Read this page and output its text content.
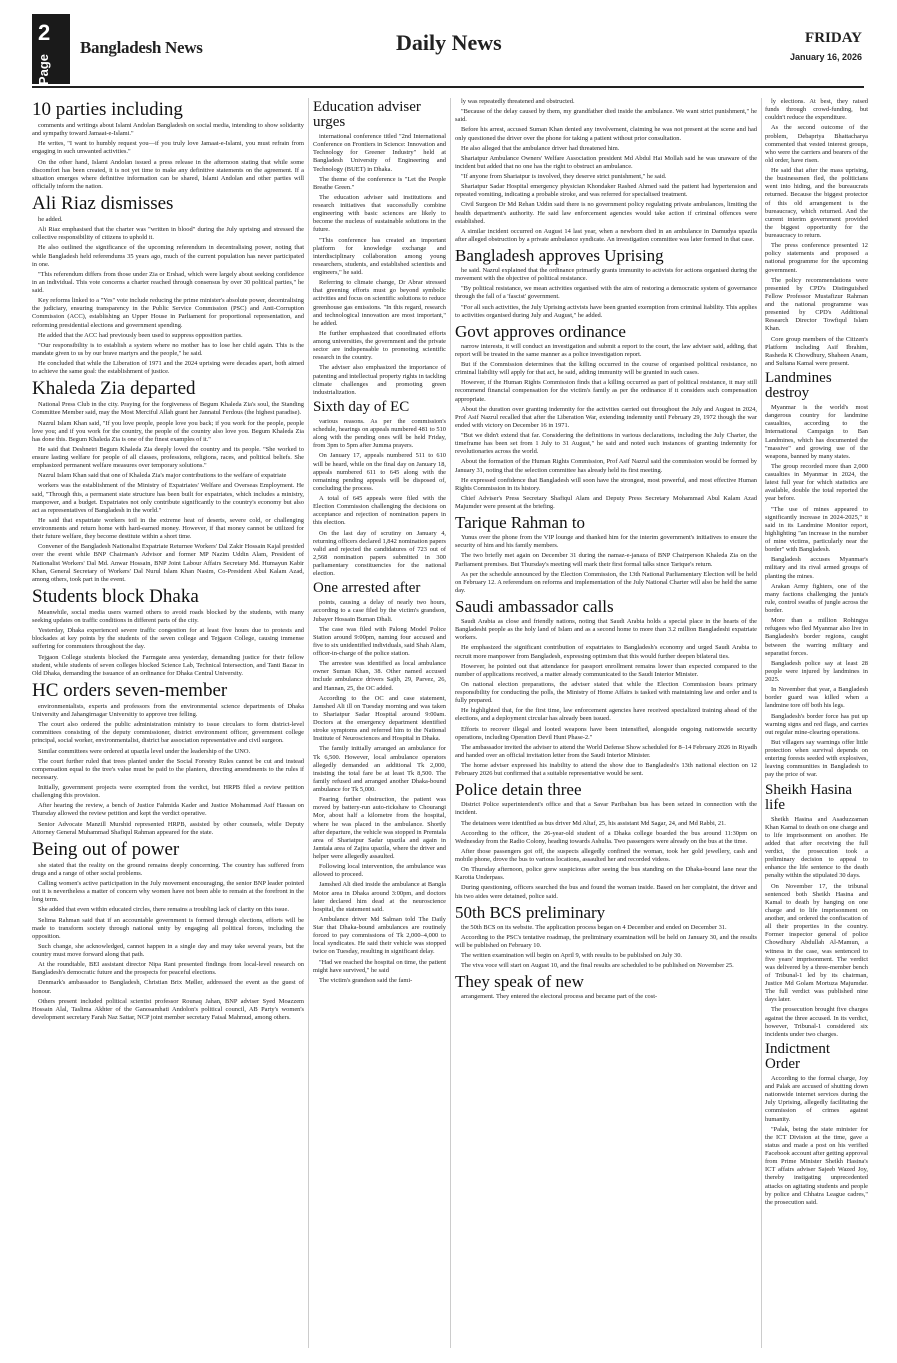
2
Page
Bangladesh News	Daily News	FRIDAY
January 16, 2026
10 parties including

comments and writings about Islami Andolan Bangladesh on social media, intending to show solidarity and sympathy toward Jamaat-e-Islami."

He writes, "I want to humbly request you—if you truly love Jamaat-e-Islami, you must refrain from engaging in such unwanted activities."

On the other hand, Islami Andolan issued a press release in the afternoon stating that while some discomfort has been created, it is not yet time to make any definitive statements on the agreement. If a situation emerges where definitive information can be shared, Islami Andolan and other parties will officially inform the nation.

Ali Riaz dismisses

he added.

Ali Riaz emphasised that the charter was "written in blood" during the July uprising and stressed the collective responsibility of citizens to uphold it.

He also outlined the significance of the upcoming referendum in decentralising power, noting that while Bangladesh held referendums 35 years ago, much of the current population has never participated in one.

"This referendum differs from those under Zia or Ershad, which were largely about seeking confidence in an individual. This vote concerns a charter reached through consensus by over 30 political parties," he said.

Key reforms linked to a "Yes" vote include reducing the prime minister's absolute power, decentralising the judiciary, ensuring transparency in the Public Service Commission (PSC) and Anti-Corruption Commission (ACC), establishing an Upper House in Parliament for proportional representation, and reforming presidential elections and government spending.

He added that the ACC had previously been used to suppress opposition parties.

"Our responsibility is to establish a system where no mother has to lose her child again. This is the mandate given to us by our brave martyrs and the people," he said.

He concluded that while the Liberation of 1971 and the 2024 uprising were decades apart, both aimed to achieve the same goal: the establishment of justice.

Khaleda Zia departed

National Press Club in the city. Praying for the forgiveness of Begum Khaleda Zia's soul, the Standing Committee Member said, may the Most Merciful Allah grant her Jannatul Ferdous (the highest paradise).

Nazrul Islam Khan said, "If you love people, people love you back; if you work for the people, people love you; and if you work for the country, the people of the country also love you. Begum Khaleda Zia has done this. Begum Khaleda Zia is one of the finest examples of it."

He said that Deshnetri Begum Khaleda Zia deeply loved the country and its people. "She worked to ensure lasting welfare for people of all classes, professions, religions, races, and political beliefs. She emphasized permanent welfare measures over temporary solutions."

Nazrul Islam Khan said that one of Khaleda Zia's major contributions to the welfare of expatriate

workers was the establishment of the Ministry of Expatriates' Welfare and Overseas Employment. He said, "Through this, a permanent state structure has been built for expatriates, which includes a ministry, manpower, and a budget. Expatriates not only contribute significantly to the country's economy but also act as representatives of Bangladesh in the world."

He said that expatriate workers toil in the extreme heat of deserts, severe cold, or challenging environments and return home with hard-earned money. However, if that money cannot be utilized for their future welfare, they become destitute within a short time.

Convener of the Bangladesh Nationalist Expatriate Returnee Workers' Dal Zakir Hossain Kajal presided over the event while BNP Chairman's Advisor and former MP Nazim Uddin Alam, President of Nationalist Workers' Dal Md. Anwar Hossain, BNP Joint Labour Affairs Secretary Md. Humayun Kabir Khan, General Secretary of Workers' Dal Nurul Islam Khan Nasim, Co-President Abul Kalam Azad, among others, took part in the event.

Students block Dhaka

Meanwhile, social media users warned others to avoid roads blocked by the students, with many seeking updates on traffic conditions in different parts of the city.

Yesterday, Dhaka experienced severe traffic congestion for at least five hours due to protests and blockades at key points by the students of the seven college and Tejgaon College, causing immense suffering for commuters throughout the day.

Tejgaon College students blocked the Farmgate area yesterday, demanding justice for their fellow student, while students of seven colleges blocked Science Lab, Technical Intersection, and Tanti Bazar in Old Dhaka, demanding the issuance of an ordinance for Dhaka Central University.

HC orders seven-member

environmentalists, experts and professors from the environmental science departments of Dhaka University and Jahangirnagar Universitiy to approve tree felling.

The court also ordered the public administration ministry to issue circulars to form district-level committees consisting of the deputy commissioner, district environment officer, government college principal, social worker, environmentalist, district bar association representative and civil surgeon.

Similar committees were ordered at upazila level under the leadership of the UNO.

The court further ruled that trees planted under the Social Forestry Rules cannot be cut and instead compensation equal to the tree's value must be paid to the planters, directing amendments to the rules if necessary.

Initially, government projects were exempted from the verdict, but HRPB filed a review petition challenging this provision.

After hearing the review, a bench of Justice Fahmida Kader and Justice Mohammad Asif Hassan on Thursday allowed the review petition and kept the verdict operative.

Senior Advocate Manzill Murshid represented HRPB, assisted by other counsels, while Deputy Attorney General Muhammad Shafiqul Rahman appeared for the state.

Being out of power

she stated that the reality on the ground remains deeply concerning. The country has suffered from drugs and a range of other social problems.

Calling women's active participation in the July movement encouraging, the senior BNP leader pointed out it is nevertheless a matter of concern why women have not been able to remain at the forefront in the long term.

She added that even within educated circles, there remains a troubling lack of clarity on this issue.

Selima Rahman said that if an accountable government is formed through elections, efforts will be made to transform society through national unity by engaging all political forces, including the opposition.

Such change, she acknowledged, cannot happen in a single day and may take several years, but the country must move forward along that path.

At the roundtable, BEI assistant director Nipa Rani presented findings from local-level research on Bangladesh's democratic future and the prospects for peaceful elections.

Denmark's ambassador to Bangladesh, Christian Brix Møller, addressed the event as the guest of honour.

Others present included political scientist professor Rounaq Jahan, BNP adviser Syed Moazzem Hossain Alal, Taslima Akhter of the Ganosamhati Andolon's political council, AB Party's women's development secretary Farah Naz Sattar, NCP joint member secretary Faisal Mahmud, among others.

Education adviser urges

international conference titled "2nd International Conference on Frontiers in Science: Innovation and Technology for Greener Industry" held at Bangladesh University of Engineering and Technology (BUET) in Dhaka.

The theme of the conference is "Let the People Breathe Green."

The education adviser said institutions and research initiatives that successfully combine engineering with basic sciences are likely to become the nucleus of sustainable solutions in the future.

"This conference has created an important platform for knowledge exchange and interdisciplinary collaboration among young researchers, students, and established scientists and engineers," he said.

Referring to climate change, Dr Abrar stressed that greening efforts must go beyond symbolic activities and focus on scientific solutions to reduce greenhouse gas emissions. "In this regard, research and technological innovation are most important," he added.

He further emphasized that coordinated efforts among universities, the government and the private sector are indispensable to promoting scientific research in the country.

The adviser also emphasized the importance of patenting and intellectual property rights in tackling climate challenges and promoting green industrialization.

Sixth day of EC

various reasons. As per the commission's schedule, hearings on appeals numbered 481 to 510 along with the pending ones will be held Friday, from 3pm to 5pm after Jumma prayers.

On January 17, appeals numbered 511 to 610 will be heard, while on the final day on January 18, appeals numbered 611 to 645 along with the remaining pending appeals will be disposed of, concluding the process.

A total of 645 appeals were filed with the Election Commission challenging the decisions on acceptance and rejection of nomination papers in this election.

On the last day of scrutiny on January 4, returning officers declared 1,842 nomination papers valid and rejected the candidatures of 723 out of 2,568 nomination papers submitted in 300 parliamentary constituencies for the national election.

One arrested after

points, causing a delay of nearly two hours, according to a case filed by the victim's grandson, Jubayer Hossain Buman Dhali.

The case was filed with Palong Model Police Station around 9:00pm, naming four accused and five to six unidentified individuals, said Shah Alam, officer-in-charge of the police station.

The arrestee was identified as local ambulance owner Suman Khan, 38. Other named accused include ambulance drivers Sajib, 29, Parvez, 26, and Hannan, 25, the OC added.

According to the OC and case statement, Jamshed Ali ill on Tuesday morning and was taken to Shariatpur Sadar Hospital around 9:00am. Doctors at the emergency department identified stroke symptoms and referred him to the National Institute of Neurosciences and Hospital in Dhaka.

The family initially arranged an ambulance for Tk 6,500. However, local ambulance operators allegedly demanded an additional Tk 2,000, insisting the total fare be at least Tk 8,500. The family refused and arranged another Dhaka-bound ambulance for Tk 5,000.

Fearing further obstruction, the patient was moved by battery-run auto-rickshaw to Chourangi Mor, about half a kilometre from the hospital, where he was placed in the ambulance. Shortly after departure, the vehicle was stopped in Premtala area of Shariatpur Sadar upazila and again in Jamtala area of Zajira upazila, where the driver and helper were allegedly assaulted.

Following local intervention, the ambulance was allowed to proceed.

Jamshed Ali died inside the ambulance at Bangla Motor area in Dhaka around 3:00pm, and doctors later declared him dead at the neuroscience hospital, the statement said.

Ambulance driver Md Salman told The Daily Star that Dhaka-bound ambulances are routinely forced to pay commissions of Tk 2,000–4,000 to local syndicates. He said their vehicle was stopped twice on Tuesday, resulting in significant delay.

"Had we reached the hospital on time, the patient might have survived," he said

The victim's grandson said the fami-

ly was repeatedly threatened and obstructed.

"Because of the delay caused by them, my grandfather died inside the ambulance. We want strict punishment," he said.

Before his arrest, accused Suman Khan denied any involvement, claiming he was not present at the scene and had only questioned the driver over the phone for taking a patient without prior consultation.

He also alleged that the ambulance driver had threatened him.

Shariatpur Ambulance Owners' Welfare Association president Md Abdul Hai Mollah said he was unaware of the incident but added that no one has the right to obstruct an ambulance.

"If anyone from Shariatpur is involved, they deserve strict punishment," he said.

Shariatpur Sadar Hospital emergency physician Khondaker Rashed Ahmed said the patient had hypertension and repeated vomiting, indicating a probable stroke, and was referred for specialised treatment.

Civil Surgeon Dr Md Rehan Uddin said there is no government policy regulating private ambulances, limiting the health department's authority. He said law enforcement agencies would take action if criminal offences were established.

A similar incident occurred on August 14 last year, when a newborn died in an ambulance in Damudya upazila after alleged obstruction by a private ambulance syndicate. An investigation committee was later formed in that case.

Bangladesh approves Uprising

he said. Nazrul explained that the ordinance primarily grants immunity to activists for actions organised during the movement with the objective of political resistance.

"By political resistance, we mean activities organised with the aim of restoring a democratic system of governance through the fall of a 'fascist' government.

"For all such activities, the July Uprising activists have been granted exemption from criminal liability. This applies to activities organised during July and August," he added.

Govt approves ordinance

narrow interests, it will conduct an investigation and submit a report to the court, the law adviser said, adding, that report will be treated in the same manner as a police investigation report.

But if the Commission determines that the killing occurred in the course of organised political resistance, no criminal liability will apply for that act, he said, adding immunity will be granted in such cases.

However, if the Human Rights Commission finds that a killing occurred as part of political resistance, it may still recommend financial compensation for the victim's family as per the ordinance if it considers such compensation appropriate.

About the duration over granting indemnity for the activities carried out throughout the July and August in 2024, Prof Asif Nazrul recalled that after the Liberation War, extending indemnity until February 29, 1972 though the war ended with victory on December 16 in 1971.

"But we didn't extend that far. Considering the definitions in various declarations, including the July Charter, the timeframe has been set from 1 July to 31 August," he said and noted such instances of granting indemnity for revolutionaries across the world.

About the formation of the Human Rights Commission, Prof Asif Nazrul said the commission would be formed by January 31, noting that the selection committee has already held its first meeting.

He expressed confidence that Bangladesh will soon have the strongest, most powerful, and most effective Human Rights Commission in its history.

Chief Adviser's Press Secretary Shafiqul Alam and Deputy Press Secretary Mohammad Abul Kalam Azad Majumder were present at the briefing.

Tarique Rahman to

Yunus over the phone from the VIP lounge and thanked him for the interim government's initiatives to ensure the security of him and his family members.

The two briefly met again on December 31 during the namaz-e-janaza of BNP Chairperson Khaleda Zia on the Parliament premises. But Thursday's meeting will mark their first formal talks since Tarique's return.

As per the schedule announced by the Election Commission, the 13th National Parliamentary Election will be held on February 12. A referendum on reforms and implementation of the July National Charter will also be held the same day.

Saudi ambassador calls

Saudi Arabia as close and friendly nations, noting that Saudi Arabia holds a special place in the hearts of the Bangladeshi people as the holy land of Islam and as a second home to more than 3.2 million Bangladeshi expatriate workers.

He emphasized the significant contribution of expatriates to Bangladesh's economy and urged Saudi Arabia to recruit more manpower from Bangladesh, expressing optimism that this would further deepen bilateral ties.

However, he pointed out that attendance for passport enrollment remains lower than expected compared to the number of applications received, a matter already communicated to the Saudi Interior Minister.

On national election preparations, the adviser stated that while the Election Commission bears primary responsibility for conducting the polls, the Ministry of Home Affairs is tasked with maintaining law and order and is fully prepared.

He highlighted that, for the first time, law enforcement agencies have received specialized training ahead of the elections, and a deployment circular has already been issued.

Efforts to recover illegal and looted weapons have been intensified, alongside ongoing nationwide security operations, including Operation Devil Hunt Phase-2."

The ambassador invited the adviser to attend the World Defense Show scheduled for 8–14 February 2026 in Riyadh and handed over an official invitation letter from the Saudi Interior Minister.

The home adviser expressed his inability to attend the show due to Bangladesh's 13th national election on 12 February 2026 but confirmed that a suitable representative would be sent.

Police detain three

District Police superintendent's office and that a Savar Paribahan bus has been seized in connection with the incident.

The detainees were identified as bus driver Md Altaf, 25, his assistant Md Sagar, 24, and Md Rabbi, 21.

According to the officer, the 26-year-old student of a Dhaka college boarded the bus around 11:30pm on Wednesday from the Radio Colony, heading towards Ashulia. Two passengers were already on the bus at the time.

After those passengers got off, the suspects allegedly confined the woman, took her gold jewellery, cash and mobile phone, drove the bus to various locations, assaulted her and recorded videos.

On Thursday afternoon, police grew suspicious after seeing the bus standing on the Dhaka-bound lane near the Karotia Underpass.

During questioning, officers searched the bus and found the woman inside. Based on her complaint, the driver and his two aides were detained, police said.

50th BCS preliminary

the 50th BCS on its website. The application process began on 4 December and ended on December 31.

According to the PSC's tentative roadmap, the preliminary examination will be held on January 30, and the results will be published on February 10.

The written examination will begin on April 9, with results to be published on July 30.

The viva voce will start on August 10, and the final results are scheduled to be published on November 25.

They speak of new

arrangement. They entered the electoral process and became part of the cost-

ly elections. At best, they raised funds through crowd-funding, but couldn't reduce the expenditure.

As the second outcome of the problem, Debapriya Bhattacharya commented that vested interest groups, who were the carriers and bearers of the old order, have risen.

He said that after the mass uprising, the businessmen fled, the politicians went into hiding, and the bureaucrats returned. Because the biggest protector of this old arrangement is the bureaucracy, which returned. And the current interim government provided the biggest opportunity for the bureaucracy to return.

The press conference presented 12 policy statements and proposed a national programme for the upcoming government.

The policy recommendations were presented by CPD's Distinguished Fellow Professor Mustafizur Rahman and the national programme was presented by CPD's Additional Research Director Towfiqul Islam Khan.

Core group members of the Citizen's Platform including Asif Ibrahim, Rasheda K Chowdhury, Shaheen Anam, and Sultana Kamal were present.

Landmines destroy

Myanmar is the world's most dangerous country for landmine casualties, according to the International Campaign to Ban Landmines, which has documented the "massive" and growing use of the weapons, banned by many states.

The group recorded more than 2,000 casualties in Myanmar in 2024, the latest full year for which statistics are available, double the total reported the year before.

"The use of mines appeared to significantly increase in 2024-2025," it said in its Landmine Monitor report, highlighting "an increase in the number of mine victims, particularly near the border" with Bangladesh.

Bangladesh accuses Myanmar's military and its rival armed groups of planting the mines.

Arakan Army fighters, one of the many factions challenging the junta's rule, control swaths of jungle across the border.

More than a million Rohingya refugees who fled Myanmar also live in Bangladesh's border regions, caught between the warring military and separatist forces.

Bangladesh police say at least 28 people were injured by landmines in 2025.

In November that year, a Bangladesh border guard was killed when a landmine tore off both his legs.

Bangladesh's border force has put up warning signs and red flags, and carries out regular mine-clearing operations.

But villagers say warnings offer little protection when survival depends on entering forests seeded with explosives, leaving communities in Bangladesh to pay the price of war.

Sheikh Hasina life

Sheikh Hasina and Asaduzzaman Khan Kamal to death on one charge and to life imprisonment on another. He added that after receiving the full verdict, the prosecution took a preliminary decision to appeal to enhance the life sentence to the death penalty within the stipulated 30 days.

On November 17, the tribunal sentenced both Sheikh Hasina and Kamal to death by hanging on one charge and to life imprisonment on another, and ordered the confiscation of all their properties in the country. Former inspector general of police Chowdhury Abdullah Al-Mamun, a witness in the case, was sentenced to five years' imprisonment. The verdict was delivered by a three-member bench of Tribunal-1 led by its chairman, Justice Md Golam Mortuza Majumdar. The full verdict was published nine days later.

The prosecution brought five charges against the three accused. In its verdict, however, Tribunal-1 considered six incidents under two charges.

Indictment Order

According to the formal charge, Joy and Palak are accused of shutting down nationwide internet services during the July Uprising, allegedly facilitating the commission of crimes against humanity.

"Palak, being the state minister for the ICT Division at the time, gave a status and made a post on his verified Facebook account after getting approval from Prime Minister Sheikh Hasina's ICT affairs adviser Sajeeb Wazed Joy, thereby instigating unprecedented attacks on agitating students and people by police and Chhatra League cadres," the prosecution said.
